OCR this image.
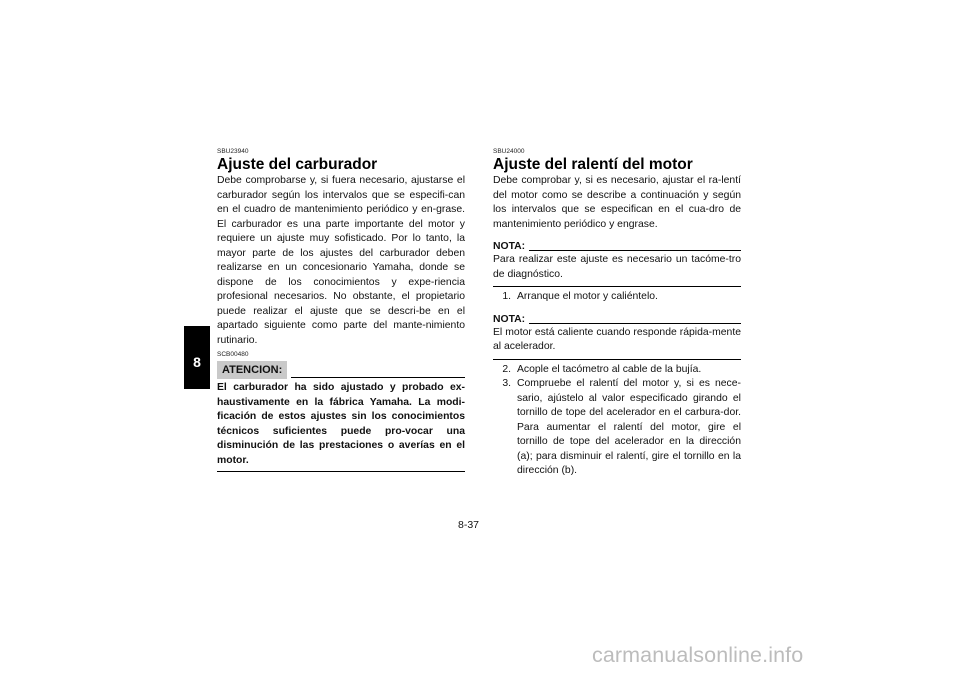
8

SBU23940

Ajuste del carburador

Debe comprobarse y, si fuera necesario, ajustarse el carburador según los intervalos que se especifi-can en el cuadro de mantenimiento periódico y en-grase. El carburador es una parte importante del motor y requiere un ajuste muy sofisticado. Por lo tanto, la mayor parte de los ajustes del carburador deben realizarse en un concesionario Yamaha, donde se dispone de los conocimientos y expe-riencia profesional necesarios. No obstante, el propietario puede realizar el ajuste que se descri-be en el apartado siguiente como parte del mante-nimiento rutinario.

SCB00480

ATENCION:

El carburador ha sido ajustado y probado ex-haustivamente en la fábrica Yamaha. La modi-ficación de estos ajustes sin los conocimientos técnicos suficientes puede pro-vocar una disminución de las prestaciones o averías en el motor.

SBU24000

Ajuste del ralentí del motor

Debe comprobar y, si es necesario, ajustar el ra-lentí del motor como se describe a continuación y según los intervalos que se especifican en el cua-dro de mantenimiento periódico y engrase.

NOTA:

Para realizar este ajuste es necesario un tacóme-tro de diagnóstico.

1. Arranque el motor y caliéntelo.
NOTA:

El motor está caliente cuando responde rápida-mente al acelerador.

2. Acople el tacómetro al cable de la bujía.
3. Compruebe el ralentí del motor y, si es nece-sario, ajústelo al valor especificado girando el tornillo de tope del acelerador en el carbura-dor. Para aumentar el ralentí del motor, gire el tornillo de tope del acelerador en la dirección (a); para disminuir el ralentí, gire el tornillo en la dirección (b).
8-37
carmanualsonline.info
